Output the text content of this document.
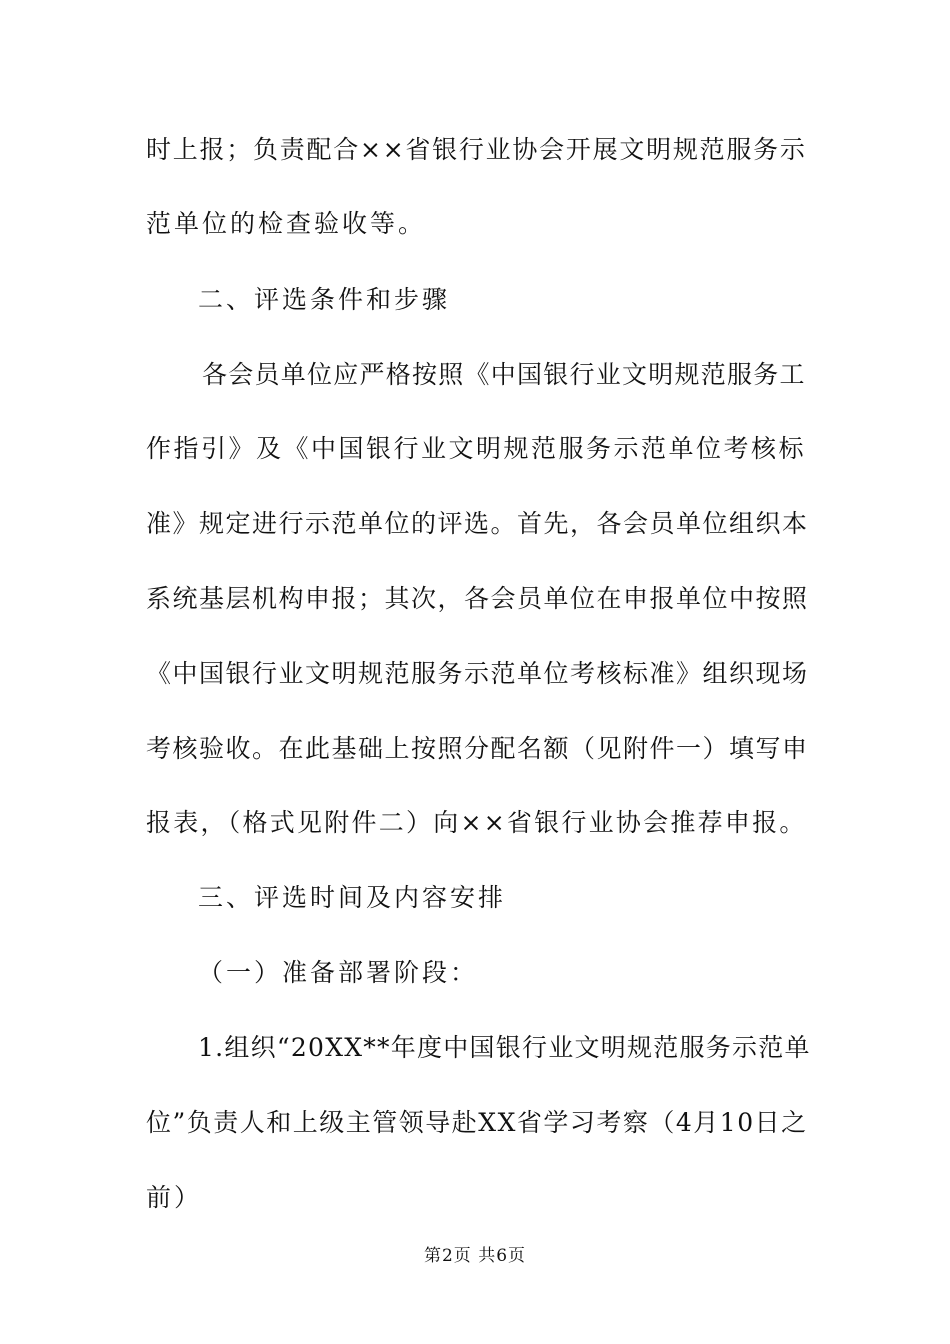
时上报；负责配合××省银行业协会开展文明规范服务示
范单位的检查验收等。
二、评选条件和步骤
各会员单位应严格按照《中国银行业文明规范服务工
作指引》及《中国银行业文明规范服务示范单位考核标
准》规定进行示范单位的评选。首先，各会员单位组织本
系统基层机构申报；其次，各会员单位在申报单位中按照
《中国银行业文明规范服务示范单位考核标准》组织现场
考核验收。在此基础上按照分配名额（见附件一）填写申
报表，（格式见附件二）向××省银行业协会推荐申报。
三、评选时间及内容安排
（一）准备部署阶段：
1.组织“20XX**年度中国银行业文明规范服务示范单
位”负责人和上级主管领导赴XX省学习考察（4月10日之
前）
第2页 共6页
